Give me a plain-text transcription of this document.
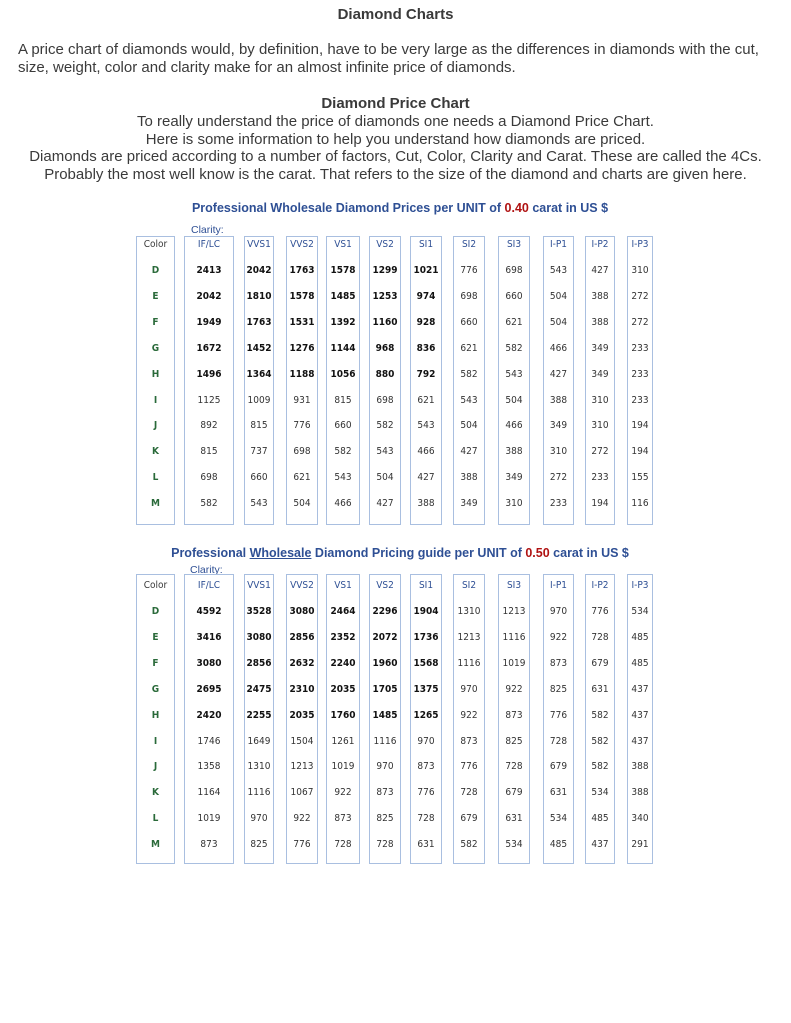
Diamond Charts

A price chart of diamonds would, by definition, have to be very large as the differences in diamonds with the cut, size, weight, color and clarity make for an almost infinite price of diamonds.

Diamond Price Chart
To really understand the price of diamonds one needs a Diamond Price Chart.
Here is some information to help you understand how diamonds are priced.
Diamonds are priced according to a number of factors, Cut, Color, Clarity and Carat. These are called the 4Cs.
Probably the most well know is the carat. That refers to the size of the diamond and charts are given here.
Professional Wholesale Diamond Prices per UNIT of 0.40 carat in US $
Clarity:
Color
D
E
F
G
H
I
J
K
L
M
IF/LC
2413
2042
1949
1672
1496
1125
892
815
698
582
VVS1
2042
1810
1763
1452
1364
1009
815
737
660
543
VVS2
1763
1578
1531
1276
1188
931
776
698
621
504
VS1
1578
1485
1392
1144
1056
815
660
582
543
466
VS2
1299
1253
1160
968
880
698
582
543
504
427
SI1
1021
974
928
836
792
621
543
466
427
388
SI2
776
698
660
621
582
543
504
427
388
349
SI3
698
660
621
582
543
504
466
388
349
310
I-P1
543
504
504
466
427
388
349
310
272
233
I-P2
427
388
388
349
349
310
310
272
233
194
I-P3
310
272
272
233
233
233
194
194
155
116
Professional Wholesale Diamond Pricing guide per UNIT of 0.50 carat in US $
Clarity:
Color
D
E
F
G
H
I
J
K
L
M
IF/LC
4592
3416
3080
2695
2420
1746
1358
1164
1019
873
VVS1
3528
3080
2856
2475
2255
1649
1310
1116
970
825
VVS2
3080
2856
2632
2310
2035
1504
1213
1067
922
776
VS1
2464
2352
2240
2035
1760
1261
1019
922
873
728
VS2
2296
2072
1960
1705
1485
1116
970
873
825
728
SI1
1904
1736
1568
1375
1265
970
873
776
728
631
SI2
1310
1213
1116
970
922
873
776
728
679
582
SI3
1213
1116
1019
922
873
825
728
679
631
534
I-P1
970
922
873
825
776
728
679
631
534
485
I-P2
776
728
679
631
582
582
582
534
485
437
I-P3
534
485
485
437
437
437
388
388
340
291
